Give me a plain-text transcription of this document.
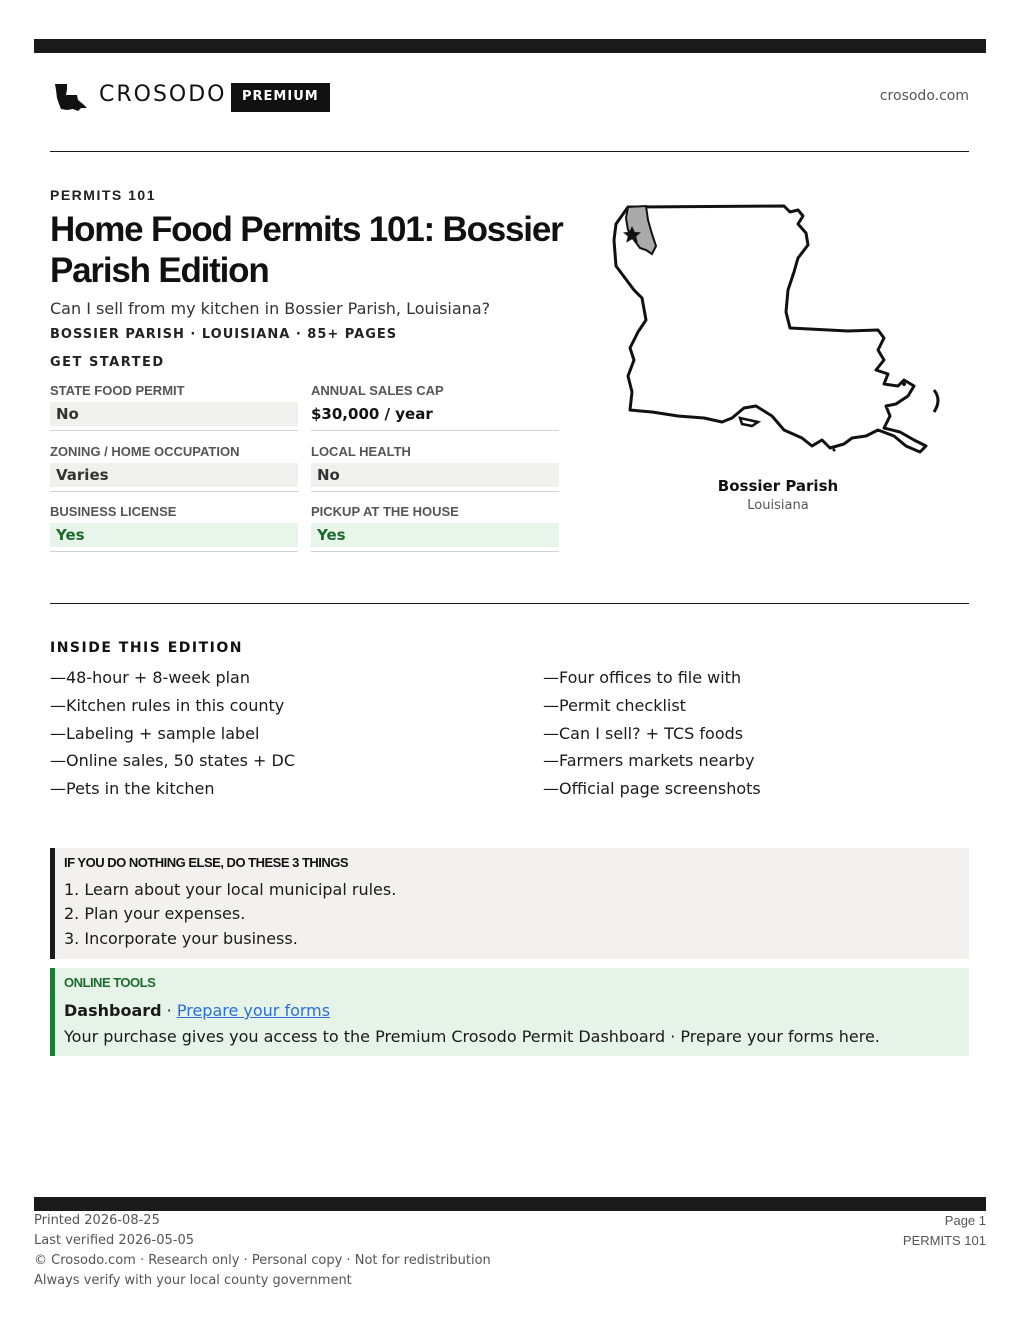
CROSODO	PREMIUM	crosodo.com
PERMITS 101
Home Food Permits 101: Bossier Parish Edition
Can I sell from my kitchen in Bossier Parish, Louisiana?
BOSSIER PARISH · LOUISIANA · 85+ PAGES
GET STARTED
STATE FOOD PERMIT
No
ANNUAL SALES CAP
$30,000 / year
ZONING / HOME OCCUPATION
Varies
LOCAL HEALTH
No
BUSINESS LICENSE
Yes
PICKUP AT THE HOUSE
Yes
Bossier Parish
Louisiana
INSIDE THIS EDITION
—48-hour + 8-week plan
—Kitchen rules in this county
—Labeling + sample label
—Online sales, 50 states + DC
—Pets in the kitchen
—Four offices to file with
—Permit checklist
—Can I sell? + TCS foods
—Farmers markets nearby
—Official page screenshots
IF YOU DO NOTHING ELSE, DO THESE 3 THINGS
1. Learn about your local municipal rules.
2. Plan your expenses.
3. Incorporate your business.
ONLINE TOOLS
Dashboard · Prepare your forms
Your purchase gives you access to the Premium Crosodo Permit Dashboard · Prepare your forms here.
Printed 2026-08-25
Last verified 2026-05-05
© Crosodo.com · Research only · Personal copy · Not for redistribution
Always verify with your local county government
Page 1
PERMITS 101
